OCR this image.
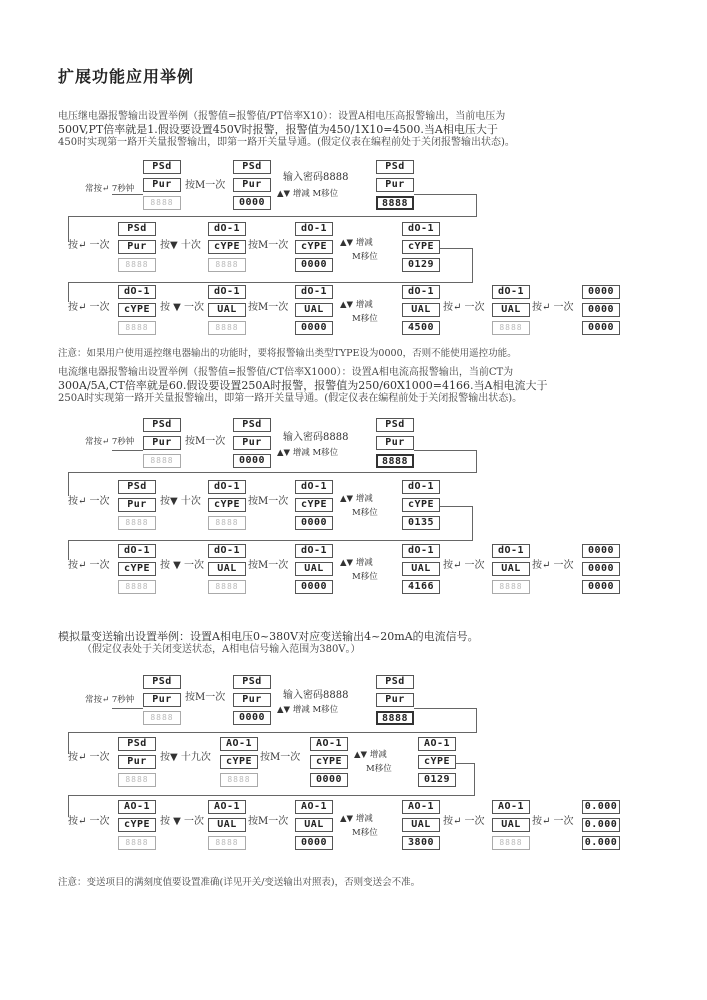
扩展功能应用举例
电压继电器报警输出设置举例（报警值=报警值/PT倍率X10）：设置A相电压高报警输出，当前电压为
500V,PT倍率就是1.假设要设置450V时报警，报警值为450/1X10=4500.当A相电压大于
450时实现第一路开关量报警输出，即第一路开关量导通。(假定仪表在编程前处于关闭报警输出状态)。
常按↵ 7秒钟
PSd
Pur
8888
按M一次
PSd
Pur
0000
输入密码8888
▲▼ 增减 M移位
PSd
Pur
8888
按↵ 一次
PSd
Pur
8888
按▼ 十次
dO-1
cYPE
8888
按M一次
dO-1
cYPE
0000
▲▼ 增减
M移位
dO-1
cYPE
0129
按↵ 一次
dO-1
cYPE
8888
按 ▼ 一次
dO-1
UAL
8888
按M一次
dO-1
UAL
0000
▲▼ 增减
M移位
dO-1
UAL
4500
按↵ 一次
dO-1
UAL
8888
按↵ 一次
0000
0000
0000
注意：如果用户使用遥控继电器输出的功能时，要将报警输出类型TYPE设为0000，否则不能使用遥控功能。
电流继电器报警输出设置举例（报警值=报警值/CT倍率X1000）：设置A相电流高报警输出，当前CT为
300A/5A,CT倍率就是60.假设要设置250A时报警，报警值为250/60X1000=4166.当A相电流大于
250A时实现第一路开关量报警输出，即第一路开关量导通。(假定仪表在编程前处于关闭报警输出状态)。
常按↵ 7秒钟
PSd
Pur
8888
按M一次
PSd
Pur
0000
输入密码8888
▲▼ 增减 M移位
PSd
Pur
8888
按↵ 一次
PSd
Pur
8888
按▼ 十次
dO-1
cYPE
8888
按M一次
dO-1
cYPE
0000
▲▼ 增减
M移位
dO-1
cYPE
0135
按↵ 一次
dO-1
cYPE
8888
按 ▼ 一次
dO-1
UAL
8888
按M一次
dO-1
UAL
0000
▲▼ 增减
M移位
dO-1
UAL
4166
按↵ 一次
dO-1
UAL
8888
按↵ 一次
0000
0000
0000
模拟量变送输出设置举例：设置A相电压0~380V对应变送输出4~20mA的电流信号。
（假定仪表处于关闭变送状态，A相电信号输入范围为380V。）
常按↵ 7秒钟
PSd
Pur
8888
按M一次
PSd
Pur
0000
输入密码8888
▲▼ 增减 M移位
PSd
Pur
8888
按↵ 一次
PSd
Pur
8888
按▼ 十九次
AO-1
cYPE
8888
按M一次
AO-1
cYPE
0000
▲▼ 增减
M移位
AO-1
cYPE
0129
按↵ 一次
AO-1
cYPE
8888
按 ▼ 一次
AO-1
UAL
8888
按M一次
AO-1
UAL
0000
▲▼ 增减
M移位
AO-1
UAL
3800
按↵ 一次
AO-1
UAL
8888
按↵ 一次
0.000
0.000
0.000
注意：变送项目的满刻度值要设置准确(详见开关/变送输出对照表)，否则变送会不准。
